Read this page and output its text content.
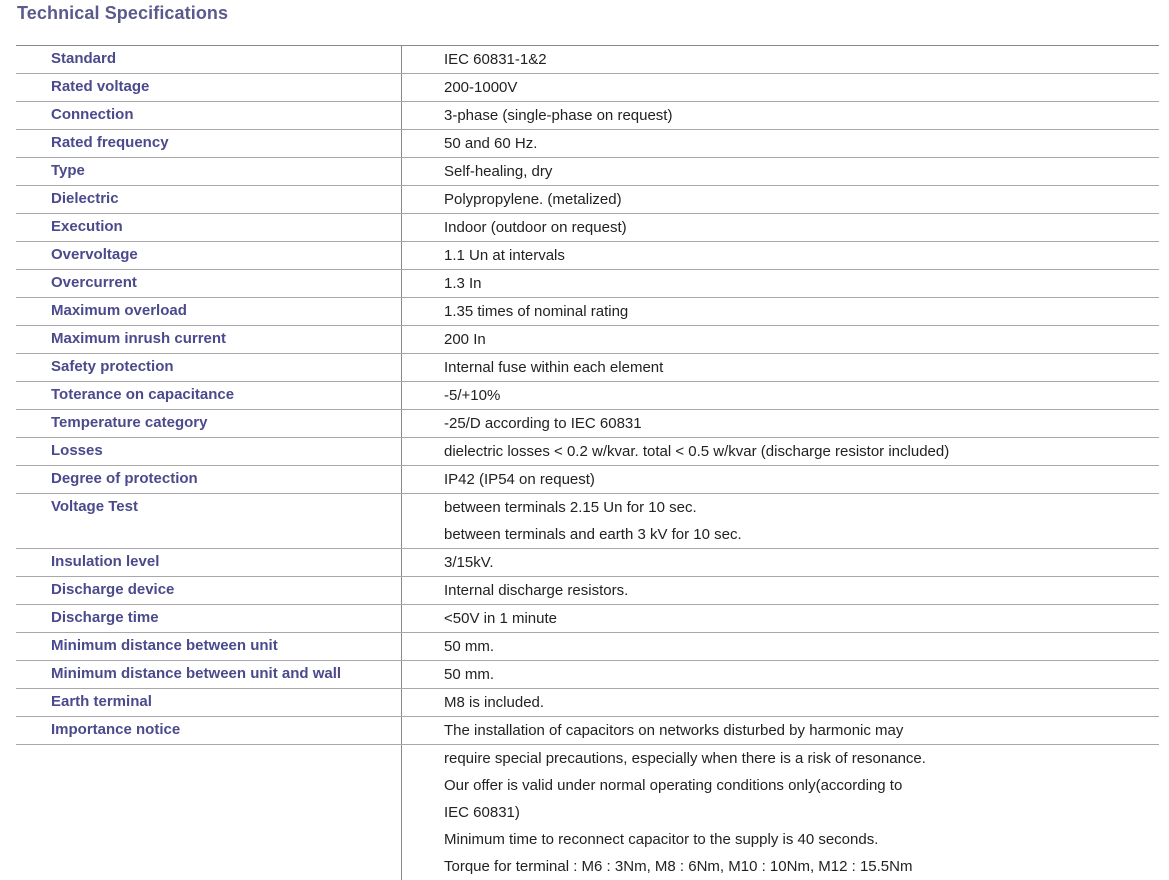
Technical Specifications
Standard	IEC 60831-1&2
Rated voltage	200-1000V
Connection	3-phase (single-phase on request)
Rated frequency	50 and 60 Hz.
Type	Self-healing, dry
Dielectric	Polypropylene. (metalized)
Execution	Indoor (outdoor on request)
Overvoltage	1.1 Un at intervals
Overcurrent	1.3 In
Maximum overload	1.35 times of nominal rating
Maximum inrush current	200 In
Safety protection	Internal fuse within each element
Toterance on capacitance	-5/+10%
Temperature category	-25/D according to IEC 60831
Losses	dielectric losses < 0.2 w/kvar. total < 0.5 w/kvar (discharge resistor included)
Degree of protection	IP42 (IP54 on request)
Voltage Test	between terminals 2.15 Un for 10 sec.
between terminals and earth 3 kV for 10 sec.
Insulation level	3/15kV.
Discharge device	Internal discharge resistors.
Discharge time	<50V in 1 minute
Minimum distance between unit	50 mm.
Minimum distance between unit and wall	50 mm.
Earth terminal	M8 is included.
Importance notice	The installation of capacitors on networks disturbed by harmonic may
require special precautions, especially when there is a risk of resonance.
Our offer is valid under normal operating conditions only(according to
IEC 60831)
Minimum time to reconnect capacitor to the supply is 40 seconds.
Torque for terminal : M6 : 3Nm, M8 : 6Nm, M10 : 10Nm, M12 : 15.5Nm
